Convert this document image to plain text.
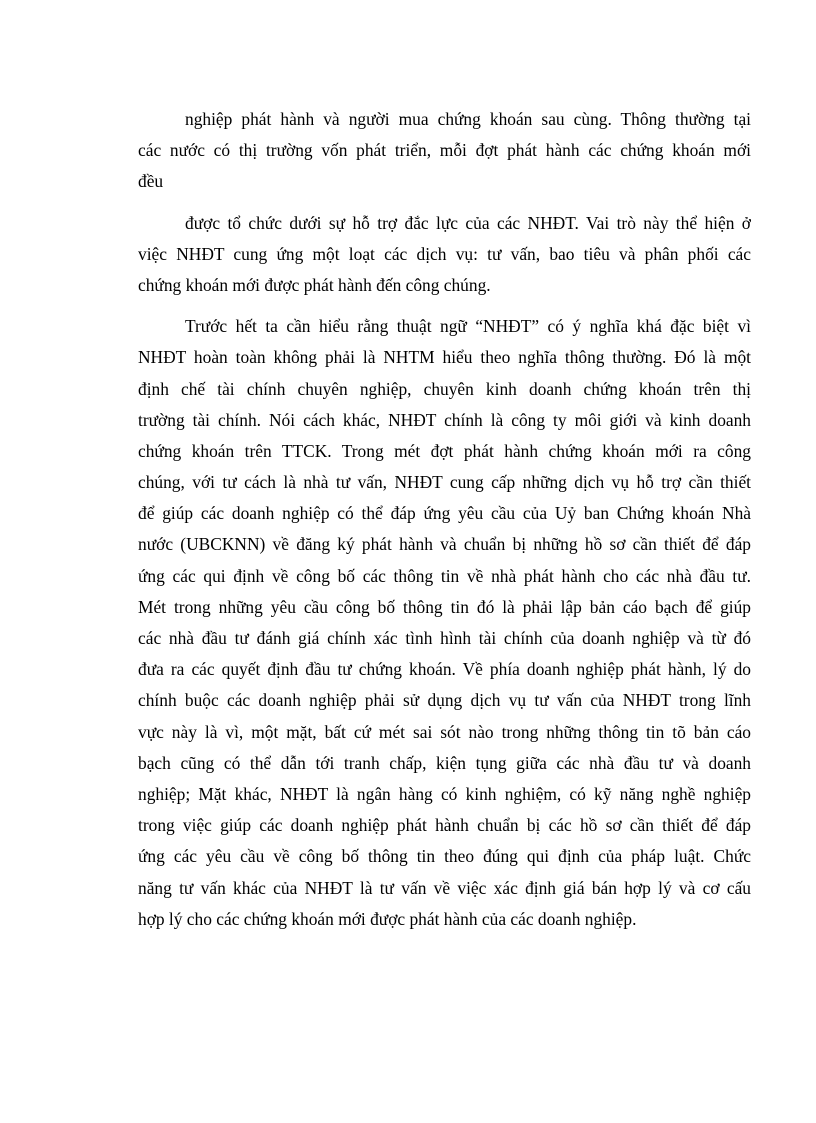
nghiệp phát hành và người mua chứng khoán sau cùng. Thông thường tại
các nước có thị trường vốn phát triển, mỗi đợt phát hành các chứng khoán mới
đều
được tổ chức dưới sự hỗ trợ đắc lực của các NHĐT. Vai trò này thể hiện ở
việc NHĐT cung ứng một loạt các dịch vụ: tư vấn, bao tiêu và phân phối các
chứng khoán mới được phát hành đến công chúng.
Trước hết ta cần hiểu rằng thuật ngữ “NHĐT” có ý nghĩa khá đặc biệt vì
NHĐT hoàn toàn không phải là NHTM hiểu theo nghĩa thông thường. Đó là một
định chế tài chính chuyên nghiệp, chuyên kinh doanh chứng khoán trên thị
trường tài chính. Nói cách khác, NHĐT chính là công ty môi giới và kinh doanh
chứng khoán trên TTCK. Trong mét đợt phát hành chứng khoán mới ra công
chúng, với tư cách là nhà tư vấn, NHĐT cung cấp những dịch vụ hỗ trợ cần thiết
để giúp các doanh nghiệp có thể đáp ứng yêu cầu của Uỷ ban Chứng khoán Nhà
nước (UBCKNN) về đăng ký phát hành và chuẩn bị những hồ sơ cần thiết để đáp
ứng các qui định về công bố các thông tin về nhà phát hành cho các nhà đầu tư.
Mét trong những yêu cầu công bố thông tin đó là phải lập bản cáo bạch để giúp
các nhà đầu tư đánh giá chính xác tình hình tài chính của doanh nghiệp và từ đó
đưa ra các quyết định đầu tư chứng khoán. Về phía doanh nghiệp phát hành, lý do
chính buộc các doanh nghiệp phải sử dụng dịch vụ tư vấn của NHĐT trong lĩnh
vực này là vì, một mặt, bất cứ mét sai sót nào trong những thông tin tõ bản cáo
bạch cũng có thể dẫn tới tranh chấp, kiện tụng giữa các nhà đầu tư và doanh
nghiệp; Mặt khác, NHĐT là ngân hàng có kinh nghiệm, có kỹ năng nghề nghiệp
trong việc giúp các doanh nghiệp phát hành chuẩn bị các hồ sơ cần thiết để đáp
ứng các yêu cầu về công bố thông tin theo đúng qui định của pháp luật. Chức
năng tư vấn khác của NHĐT là tư vấn về việc xác định giá bán hợp lý và cơ cấu
hợp lý cho các chứng khoán mới được phát hành của các doanh nghiệp.
